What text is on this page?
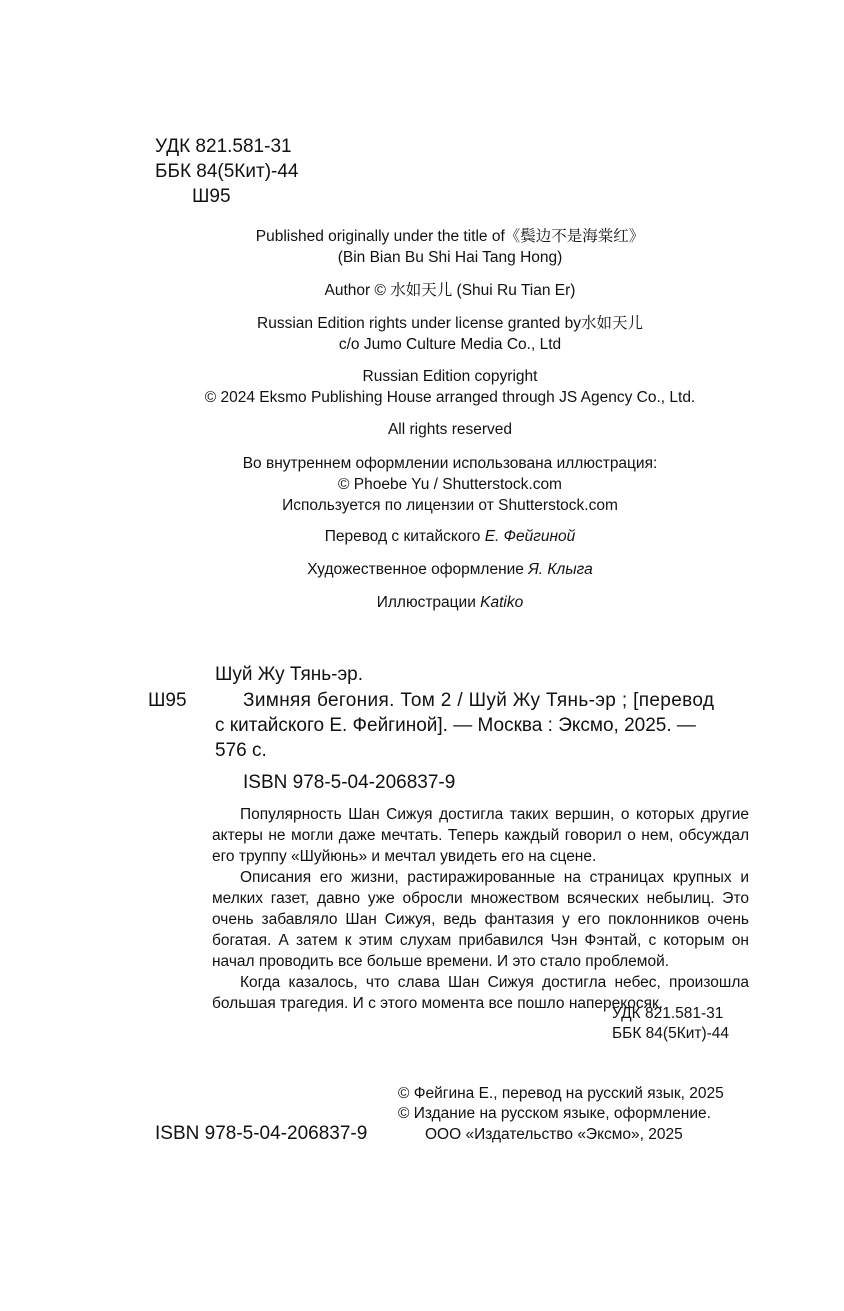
УДК 821.581-31
ББК 84(5Кит)-44
Ш95

Published originally under the title of《鬓边不是海棠红》

(Bin Bian Bu Shi Hai Tang Hong)

Author © 水如天儿 (Shui Ru Tian Er)

Russian Edition rights under license granted by水如天儿

c/o Jumo Culture Media Co., Ltd

Russian Edition copyright

© 2024 Eksmo Publishing House arranged through JS Agency Co., Ltd.

All rights reserved

Во внутреннем оформлении использована иллюстрация:

© Phoebe Yu / Shutterstock.com

Используется по лицензии от Shutterstock.com

Перевод с китайского Е. Фейгиной

Художественное оформление Я. Клыга

Иллюстрации Katiko

Шуй Жу Тянь-эр.
Ш95	Зимняя бегония. Том 2 / Шуй Жу Тянь-эр ; [перевод
с китайского Е. Фейгиной]. — Москва : Эксмо, 2025. —
576 с.
ISBN 978-5-04-206837-9

Популярность Шан Сижуя достигла таких вершин, о которых другие актеры не могли даже мечтать. Теперь каждый говорил о нем, обсуждал его труппу «Шуйюнь» и мечтал увидеть его на сцене.

Описания его жизни, растиражированные на страницах крупных и мелких газет, давно уже обросли множеством всяческих небылиц. Это очень забавляло Шан Сижуя, ведь фантазия у его поклонников очень богатая. А затем к этим слухам прибавился Чэн Фэнтай, с которым он начал проводить все больше времени. И это стало проблемой.

Когда казалось, что слава Шан Сижуя достигла небес, произошла большая трагедия. И с этого момента все пошло наперекосяк.

УДК 821.581-31
ББК 84(5Кит)-44
© Фейгина Е., перевод на русский язык, 2025
© Издание на русском языке, оформление.
ООО «Издательство «Эксмо», 2025
ISBN 978-5-04-206837-9
